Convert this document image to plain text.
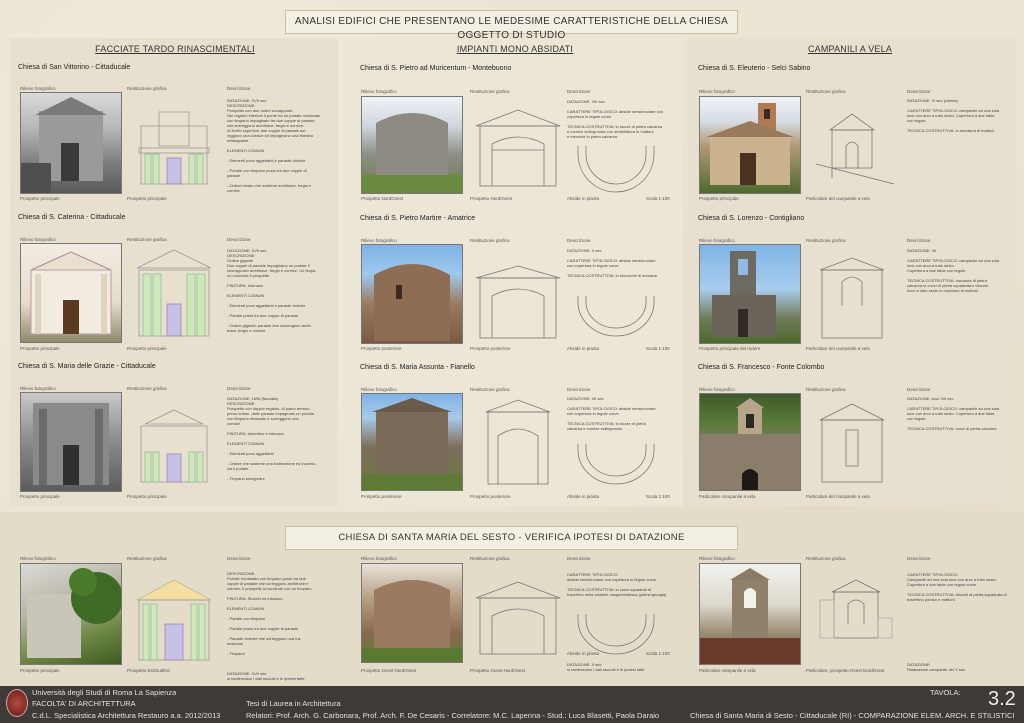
ANALISI EDIFICI CHE PRESENTANO LE MEDESIME CARATTERISTICHE DELLA CHIESA OGGETTO DI STUDIO
FACCIATE TARDO RINASCIMENTALI	IMPIANTI MONO ABSIDATI	CAMPANILI A VELA
Chiesa di San Vittorino - Cittaducale
Rilievo fotografico	Restituzione grafica	Descrizione
Prospetto principale	Prospetto principale
DATAZIONE: XVII sec
DESCRIZIONE:
Prospetto con due ordini sovrapposti.
Nel registro inferiore il ponte ha un portale modanato
con timpano impaginato tra due coppie di paraste
che sorreggono architrave, fregio e cornice.
Al livello superiore due coppie di paraste sor-
reggono una cornice ed impaginano una finestra
rettangolare

ELEMENTI COMUNI

- Elementi poco aggettanti e paraste doriche

- Portale con timpano posto tra due coppie di
paraste

- Ordine binato che sostiene architrave, fregio e
cornice
Chiesa di S. Caterina - Cittaducale
Rilievo fotografico	Restituzione grafica	Descrizione
Prospetto principale	Prospetto principale
DATAZIONE: XVII sec
DESCRIZIONE:
Ordine gigante
Due coppie di paraste impaginano un portale il
sovrapposto architrave, fregio e cornice. Un timpa-
no conclude il prospetto

FINITURA: Intonaco

ELEMENTI COMUNI

- Elementi poco aggettanti e paraste doriche

- Portale posto tra due coppie di paraste

- Ordine gigante: paraste che sostengono archi-
trave, fregio e cornice
Chiesa di S. Maria delle Grazie - Cittaducale
Rilievo fotografico	Restituzione grafica	Descrizione
Prospetto principale	Prospetto principale
DATAZIONE: 1696 (facciata)
DESCRIZIONE:
Prospetto con doppio registro. Al piano terreno,
primo ordine, dalle paraste impaginato un portale
con timpano ribassato e sorreggono una
cornice

FINITURA: travertino e intonaco

ELEMENTI COMUNI

- Elementi poco aggettanti

- Ordine che sostiene una trabeazione ed incornic-
cia il portale

- Timpano triangolare
Chiesa di S. Pietro ad Muricentum - Montebuono
Rilievo fotografico	Restituzione grafica	Descrizione
Prospetto NordOvest	Prospetto NordOvest	Abside in pianta	Scala 1:100
DATAZIONE: XIII sec

CARATTERE TIPOLOGICO: abside semicircolare con
copertura in tegole curve

TECNICA COSTRUTTIVA: in bozze di pietra calcarea
e cornice sottogronda con dentellatura in mattoni
e mensole in pietra calcarea
Chiesa di S. Pietro Martire - Amatrice
Rilievo fotografico	Restituzione grafica	Descrizione
Prospetto posteriore	Prospetto posteriore	Abside in pianta	Scala 1:100
DATAZIONE: X sec

CARATTERE TIPOLOGICO: abside semicircolare
con copertura in tegole curve

TECNICA COSTRUTTIVA: in blocchetti di arenaria
Chiesa di S. Maria Assunta - Fianello
Rilievo fotografico	Restituzione grafica	Descrizione
Prospetto posteriore	Prospetto posteriore	Abside in pianta	Scala 1:100
DATAZIONE: XII sec

CARATTERE TIPOLOGICO: abside semicircolare
con copertura in tegole curve

TECNICA COSTRUTTIVA: in bozze di pietra
calcarea e cornice sottogronda
Chiesa di S. Eleuterio - Selci Sabino
Rilievo fotografico	Restituzione grafica	Descrizione
Prospetto principale	Particolare del campanile a vela
DATAZIONE: XI sec (chiesa)

CARATTERE TIPOLOGICO: campanile ad una sola
luce con arco a tutto sesto. Copertura a due falde
con tegole.

TECNICA COSTRUTTIVA: in muratura di mattoni
Chiesa di S. Lorenzo - Contigliano
Rilievo fotografico	Restituzione grafica	Descrizione
Prospetto principale del rudere	Particolare del campanile a vela
DATAZIONE: XII

CARATTERE TIPOLOGICO: campanile ad una sola
luce con arco a tutto sesto.
Copertura a due falde con tegole.

TECNICA COSTRUTTIVA: muratura di pietra
calcarea in conci di pietra squadrata e blocchi.
Arco a tutto sesto in muratura di mattoni
Chiesa di S. Francesco - Fonte Colombo
Rilievo fotografico	Restituzione grafica	Descrizione
Particolare campanile a vela	Particolare del campanile a vela
DATAZIONE: stuo XIII sec

CARATTERE TIPOLOGICO: campanile ad una sola
luce con arco a tutto sesto. Copertura a due falde
con tegole.

TECNICA COSTRUTTIVA: conci di pietra calcarea
CHIESA DI SANTA MARIA DEL SESTO - VERIFICA IPOTESI DI DATAZIONE
Rilievo fotografico	Restituzione grafica	Descrizione
Prospetto principale	Prospetto Est/SudEst
DESCRIZIONE:
Portale modanato con timpano posto tra due
coppie di paraste che sorreggono architrave e
cornice. Il prospetto si conclude con un timpano

FINITURA: Stucchi ed intonaco

ELEMENTI COMUNI

- Portale con timpano

- Portale posto tra due coppie di paraste

- Paraste doriche che sorreggono una tra-
beazione

- Timpano

DATAZIONE: XVII sec
si confermano i dati raccolti e le ipotesi fatte
Rilievo fotografico	Restituzione grafica	Descrizione
Prospetto Ovest NordOvest	Prospetto Ovest NordOvest
Abside in pianta	Scala 1:100
CARATTERE TIPOLOGICO:
abside semicircolare con copertura in tegole curve

TECNICA COSTRUTTIVA: in conci squadrati di
travertino nella variante cinquecentesca (pietra spungia)
DATAZIONE: X sec
si confermano i dati raccolti e le ipotesi fatte
Rilievo fotografico	Restituzione grafica	Descrizione
Particolare campanile a vela	Particolare, prospetto Ovest NordOvest
CARATTERE TIPOLOGICO:
Campanile ad una sola luce con arco a tutto sesto.
Copertura a due falde con tegole curve.

TECNICA COSTRUTTIVA: blocchi di pietra squadrata di
travertino poroso e mattoni
DATAZIONE:
Ridatazione campanile del X sec
Università degli Studi di Roma La Sapienza
FACOLTA' DI ARCHITETTURA
C.d.L. Specialistica Architettura Restauro a.a. 2012/2013
Tesi di Laurea in Architettura
Relatori: Prof. Arch. G. Carbonara, Prof. Arch. F. De Cesaris - Correlatore: M.C. Lapenna - Stud.: Luca Blasetti, Paola Daraio	Chiesa di Santa Maria di Sesto - Cittaducale (RI) - COMPARAZIONE ELEM. ARCH. E STILISTICI
TAVOLA: 3.2
